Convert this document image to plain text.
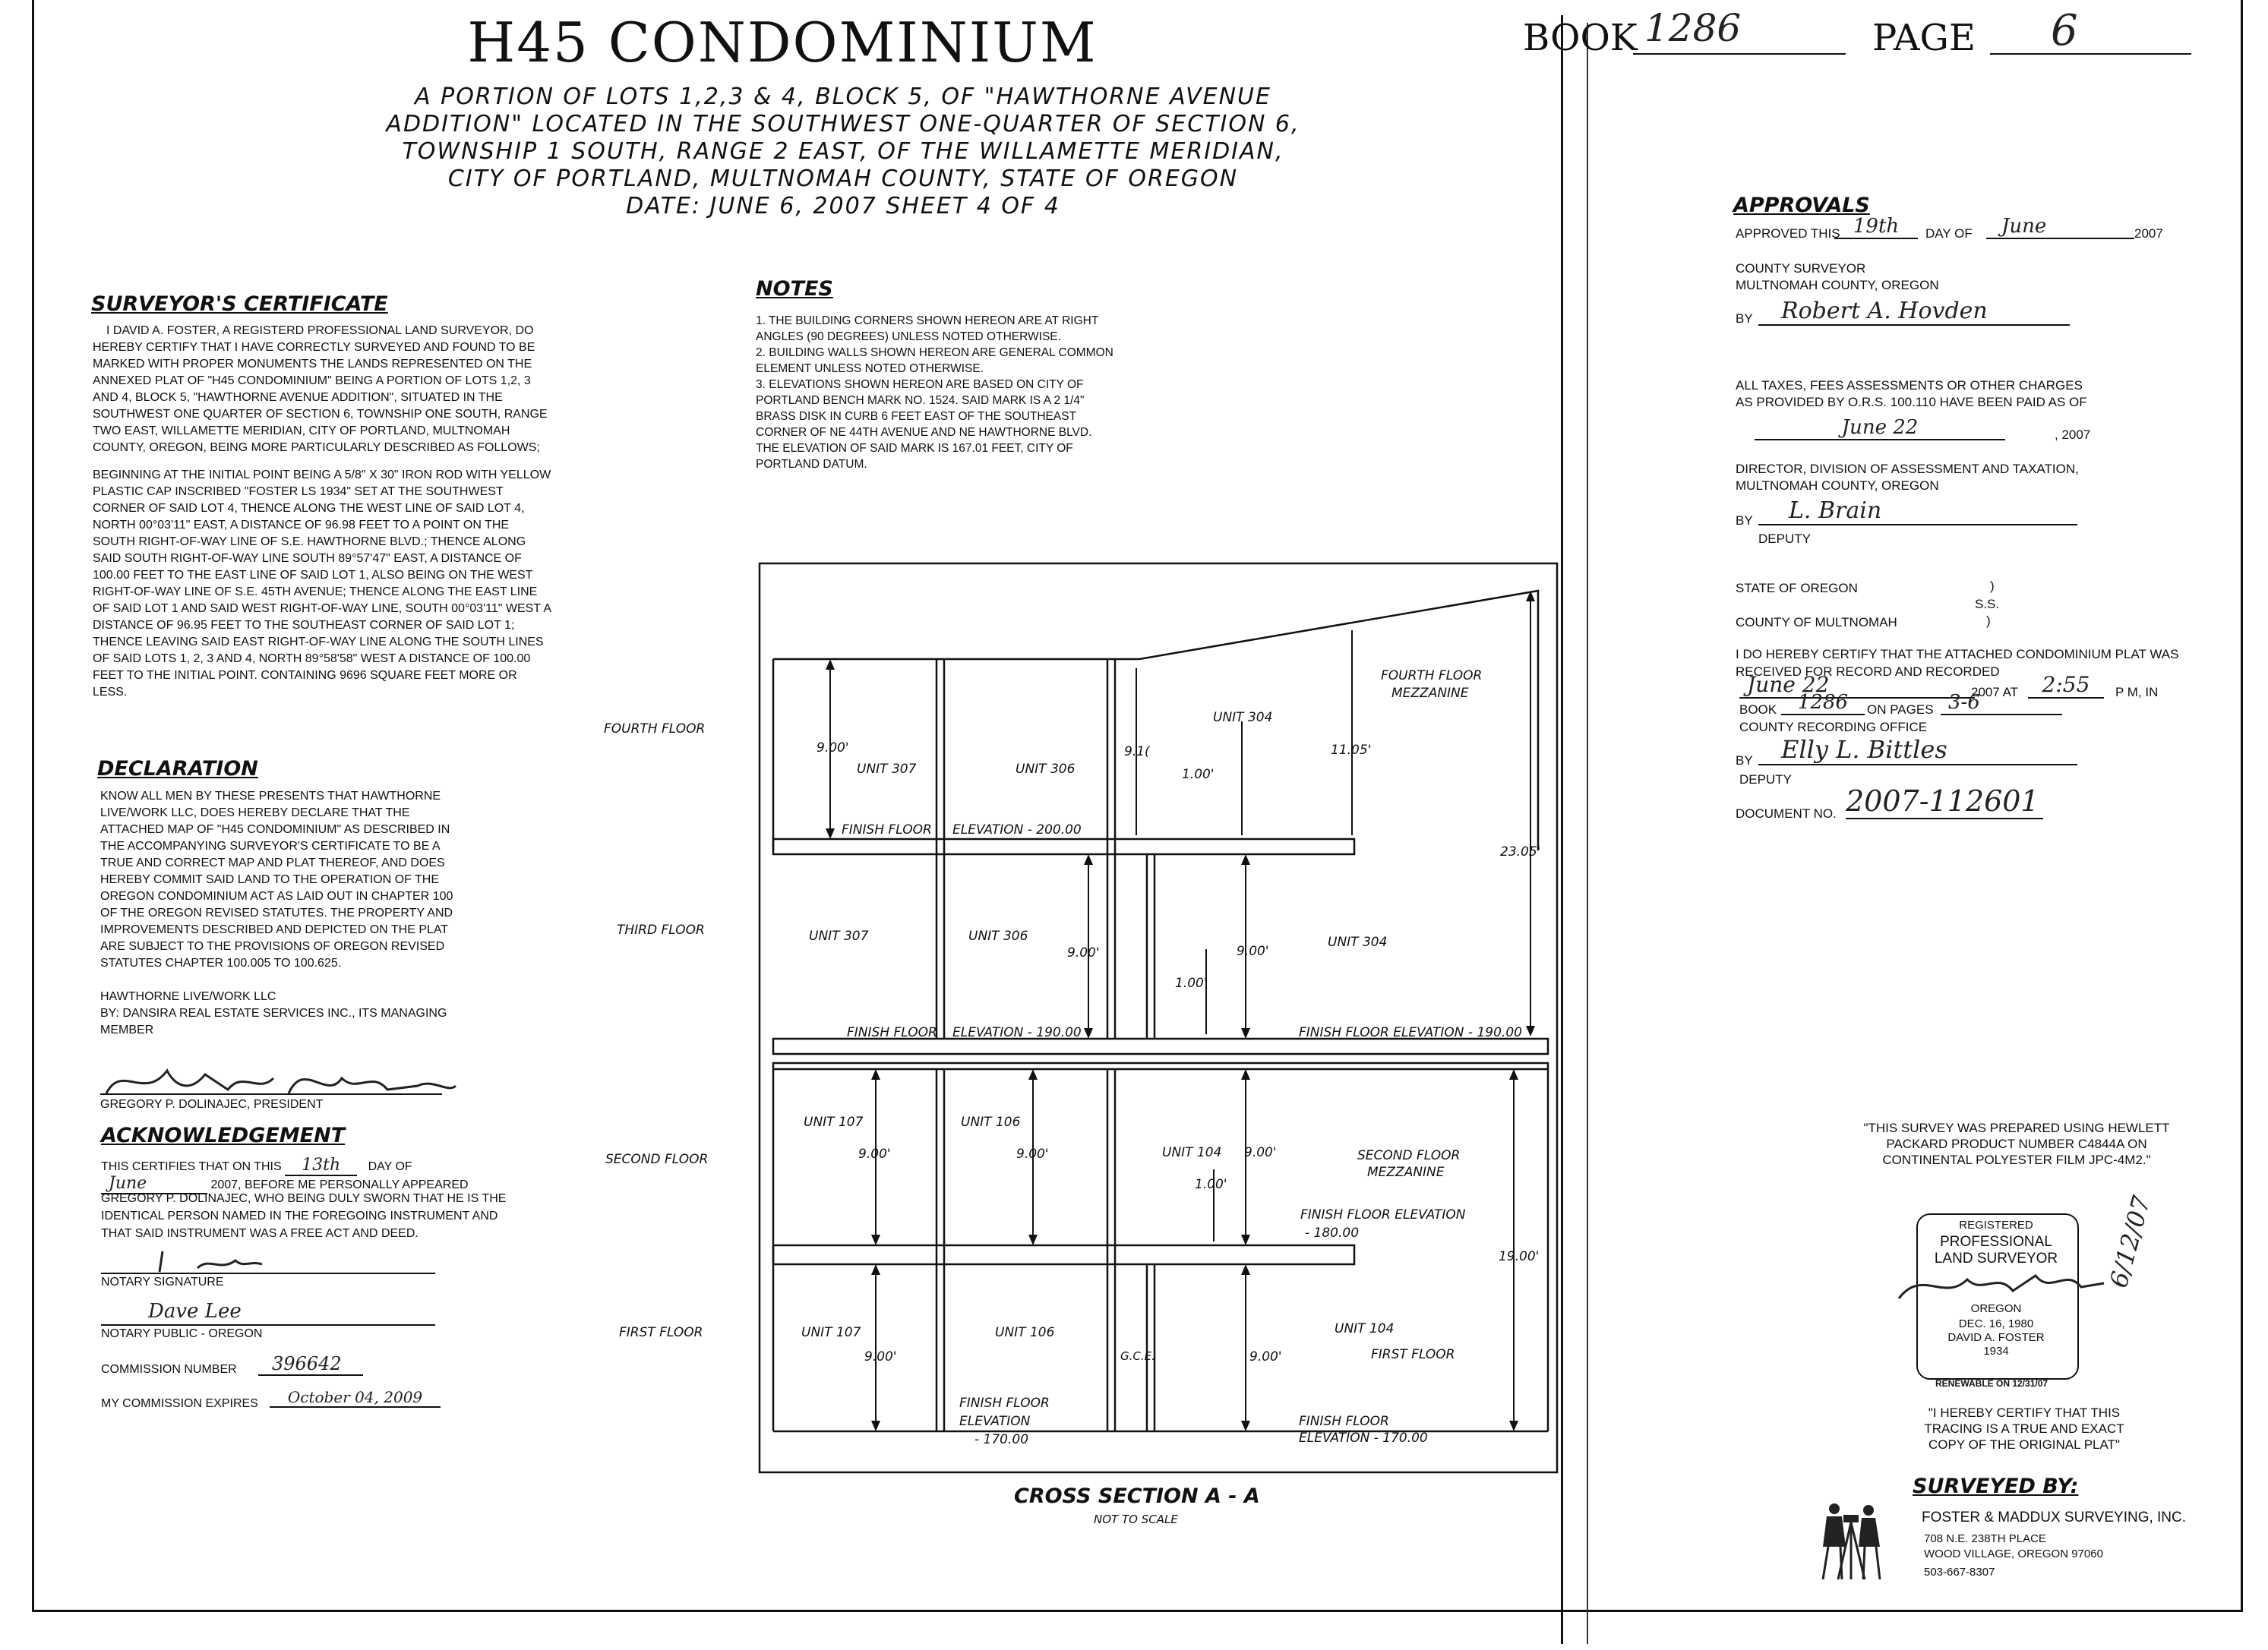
H45 CONDOMINIUM
A PORTION OF LOTS 1,2,3 & 4, BLOCK 5, OF "HAWTHORNE AVENUE
ADDITION" LOCATED IN THE SOUTHWEST ONE-QUARTER OF SECTION 6,
TOWNSHIP 1 SOUTH, RANGE 2 EAST, OF THE WILLAMETTE MERIDIAN,
CITY OF PORTLAND, MULTNOMAH COUNTY, STATE OF OREGON
DATE: JUNE 6, 2007 SHEET 4 OF 4
BOOK 1286	PAGE 6
SURVEYOR'S CERTIFICATE
I DAVID A. FOSTER, A REGISTERD PROFESSIONAL LAND SURVEYOR, DO
HEREBY CERTIFY THAT I HAVE CORRECTLY SURVEYED AND FOUND TO BE
MARKED WITH PROPER MONUMENTS THE LANDS REPRESENTED ON THE
ANNEXED PLAT OF "H45 CONDOMINIUM" BEING A PORTION OF LOTS 1,2, 3
AND 4, BLOCK 5, "HAWTHORNE AVENUE ADDITION", SITUATED IN THE
SOUTHWEST ONE QUARTER OF SECTION 6, TOWNSHIP ONE SOUTH, RANGE
TWO EAST, WILLAMETTE MERIDIAN, CITY OF PORTLAND, MULTNOMAH
COUNTY, OREGON, BEING MORE PARTICULARLY DESCRIBED AS FOLLOWS;
BEGINNING AT THE INITIAL POINT BEING A 5/8" X 30" IRON ROD WITH YELLOW
PLASTIC CAP INSCRIBED "FOSTER LS 1934" SET AT THE SOUTHWEST
CORNER OF SAID LOT 4, THENCE ALONG THE WEST LINE OF SAID LOT 4,
NORTH 00°03'11" EAST, A DISTANCE OF 96.98 FEET TO A POINT ON THE
SOUTH RIGHT-OF-WAY LINE OF S.E. HAWTHORNE BLVD.; THENCE ALONG
SAID SOUTH RIGHT-OF-WAY LINE SOUTH 89°57'47" EAST, A DISTANCE OF
100.00 FEET TO THE EAST LINE OF SAID LOT 1, ALSO BEING ON THE WEST
RIGHT-OF-WAY LINE OF S.E. 45TH AVENUE; THENCE ALONG THE EAST LINE
OF SAID LOT 1 AND SAID WEST RIGHT-OF-WAY LINE, SOUTH 00°03'11" WEST A
DISTANCE OF 96.95 FEET TO THE SOUTHEAST CORNER OF SAID LOT 1;
THENCE LEAVING SAID EAST RIGHT-OF-WAY LINE ALONG THE SOUTH LINES
OF SAID LOTS 1, 2, 3 AND 4, NORTH 89°58'58" WEST A DISTANCE OF 100.00
FEET TO THE INITIAL POINT. CONTAINING 9696 SQUARE FEET MORE OR
LESS.
DECLARATION
KNOW ALL MEN BY THESE PRESENTS THAT HAWTHORNE
LIVE/WORK LLC, DOES HEREBY DECLARE THAT THE
ATTACHED MAP OF "H45 CONDOMINIUM" AS DESCRIBED IN
THE ACCOMPANYING SURVEYOR'S CERTIFICATE TO BE A
TRUE AND CORRECT MAP AND PLAT THEREOF, AND DOES
HEREBY COMMIT SAID LAND TO THE OPERATION OF THE
OREGON CONDOMINIUM ACT AS LAID OUT IN CHAPTER 100
OF THE OREGON REVISED STATUTES. THE PROPERTY AND
IMPROVEMENTS DESCRIBED AND DEPICTED ON THE PLAT
ARE SUBJECT TO THE PROVISIONS OF OREGON REVISED
STATUTES CHAPTER 100.005 TO 100.625.
HAWTHORNE LIVE/WORK LLC
BY: DANSIRA REAL ESTATE SERVICES INC., ITS MANAGING
MEMBER
GREGORY P. DOLINAJEC, PRESIDENT
ACKNOWLEDGEMENT
THIS CERTIFIES THAT ON THIS 13th DAY OF
June	2007, BEFORE ME PERSONALLY APPEARED
GREGORY P. DOLINAJEC, WHO BEING DULY SWORN THAT HE IS THE
IDENTICAL PERSON NAMED IN THE FOREGOING INSTRUMENT AND
THAT SAID INSTRUMENT WAS A FREE ACT AND DEED.
NOTARY SIGNATURE
Dave Lee
NOTARY PUBLIC - OREGON
COMMISSION NUMBER	396642
MY COMMISSION EXPIRES	October 04, 2009
NOTES
1. THE BUILDING CORNERS SHOWN HEREON ARE AT RIGHT
ANGLES (90 DEGREES) UNLESS NOTED OTHERWISE.
2. BUILDING WALLS SHOWN HEREON ARE GENERAL COMMON
ELEMENT UNLESS NOTED OTHERWISE.
3. ELEVATIONS SHOWN HEREON ARE BASED ON CITY OF
PORTLAND BENCH MARK NO. 1524. SAID MARK IS A 2 1/4"
BRASS DISK IN CURB 6 FEET EAST OF THE SOUTHEAST
CORNER OF NE 44TH AVENUE AND NE HAWTHORNE BLVD.
THE ELEVATION OF SAID MARK IS 167.01 FEET, CITY OF
PORTLAND DATUM.
FOURTH FLOOR
THIRD FLOOR
SECOND FLOOR
FIRST FLOOR
UNIT 307	UNIT 306
UNIT 304
FOURTH FLOOR
MEZZANINE
FINISH FLOOR ELEVATION - 200.00
UNIT 307	UNIT 306	UNIT 304
FINISH FLOOR ELEVATION - 190.00	FINISH FLOOR ELEVATION - 190.00
UNIT 107	UNIT 106
UNIT 104	SECOND FLOOR
MEZZANINE
FINISH FLOOR ELEVATION
- 180.00
UNIT 107	UNIT 106	UNIT 104
FIRST FLOOR
G.C.E.
FINISH FLOOR
ELEVATION
- 170.00
FINISH FLOOR
ELEVATION - 170.00
9.00'	9.1(
1.00'
11.05'
23.05'
9.00'	9.00'
1.00'
9.00'	9.00'	9.00'
1.00'
19.00'
9.00'	9.00'
CROSS SECTION A - A
NOT TO SCALE
APPROVALS
APPROVED THIS 19th	DAY OF	June	2007
COUNTY SURVEYOR
MULTNOMAH COUNTY, OREGON
BY	Robert A. Hovden
ALL TAXES, FEES ASSESSMENTS OR OTHER CHARGES
AS PROVIDED BY O.R.S. 100.110 HAVE BEEN PAID AS OF
June 22	, 2007
DIRECTOR, DIVISION OF ASSESSMENT AND TAXATION,
MULTNOMAH COUNTY, OREGON
BY	L. Brain
DEPUTY
STATE OF OREGON	)
S.S.
COUNTY OF MULTNOMAH	)
I DO HEREBY CERTIFY THAT THE ATTACHED CONDOMINIUM PLAT WAS
RECEIVED FOR RECORD AND RECORDED
June 22	2007 AT	2:55	P M, IN
BOOK	1286	ON PAGES 3-6
COUNTY RECORDING OFFICE
BY	Elly L. Bittles
DEPUTY
DOCUMENT NO. 2007-112601
"THIS SURVEY WAS PREPARED USING HEWLETT
PACKARD PRODUCT NUMBER C4844A ON
CONTINENTAL POLYESTER FILM JPC-4M2."
REGISTERED
PROFESSIONAL
LAND SURVEYOR
OREGON
DEC. 16, 1980
DAVID A. FOSTER
1934
RENEWABLE ON 12/31/07
6/12/07
"I HEREBY CERTIFY THAT THIS
TRACING IS A TRUE AND EXACT
COPY OF THE ORIGINAL PLAT"
SURVEYED BY:
FOSTER & MADDUX SURVEYING, INC.
708 N.E. 238TH PLACE
WOOD VILLAGE, OREGON 97060
503-667-8307
